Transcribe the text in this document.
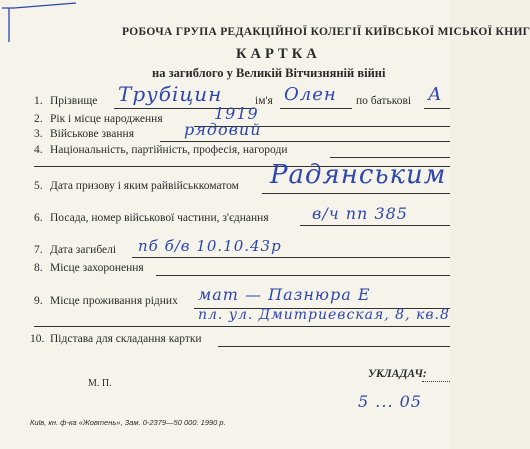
РОБОЧА ГРУПА РЕДАКЦІЙНОЇ КОЛЕГІЇ КИЇВСЬКОЇ МІСЬКОЇ КНИГ
КАРТКА
на загиблого у Великій Вітчизняній війні
1. Прізвище Трубіцин	ім'я Олен по батькові А
2. Рік і місце народження	1919
3. Військове звання	рядовий
4. Національність, партійність, професія, нагороди
5. Дата призову і яким райвійськкоматом Радянським
6. Посада, номер військової частини, з'єднання	в/ч пп 385
7. Дата загибелі пб б/в 10.10.43р
8. Місце захоронення
9. Місце проживання рідних мат — Пазнюра Е
пл. ул. Дмитриевская, 8, кв.8
10. Підстава для складання картки
УКЛАДАЧ:
М. П.
5 ... 05
Київ, кн. ф-ка «Жовтень», Зам. 0-2379—50 000. 1990 р.
